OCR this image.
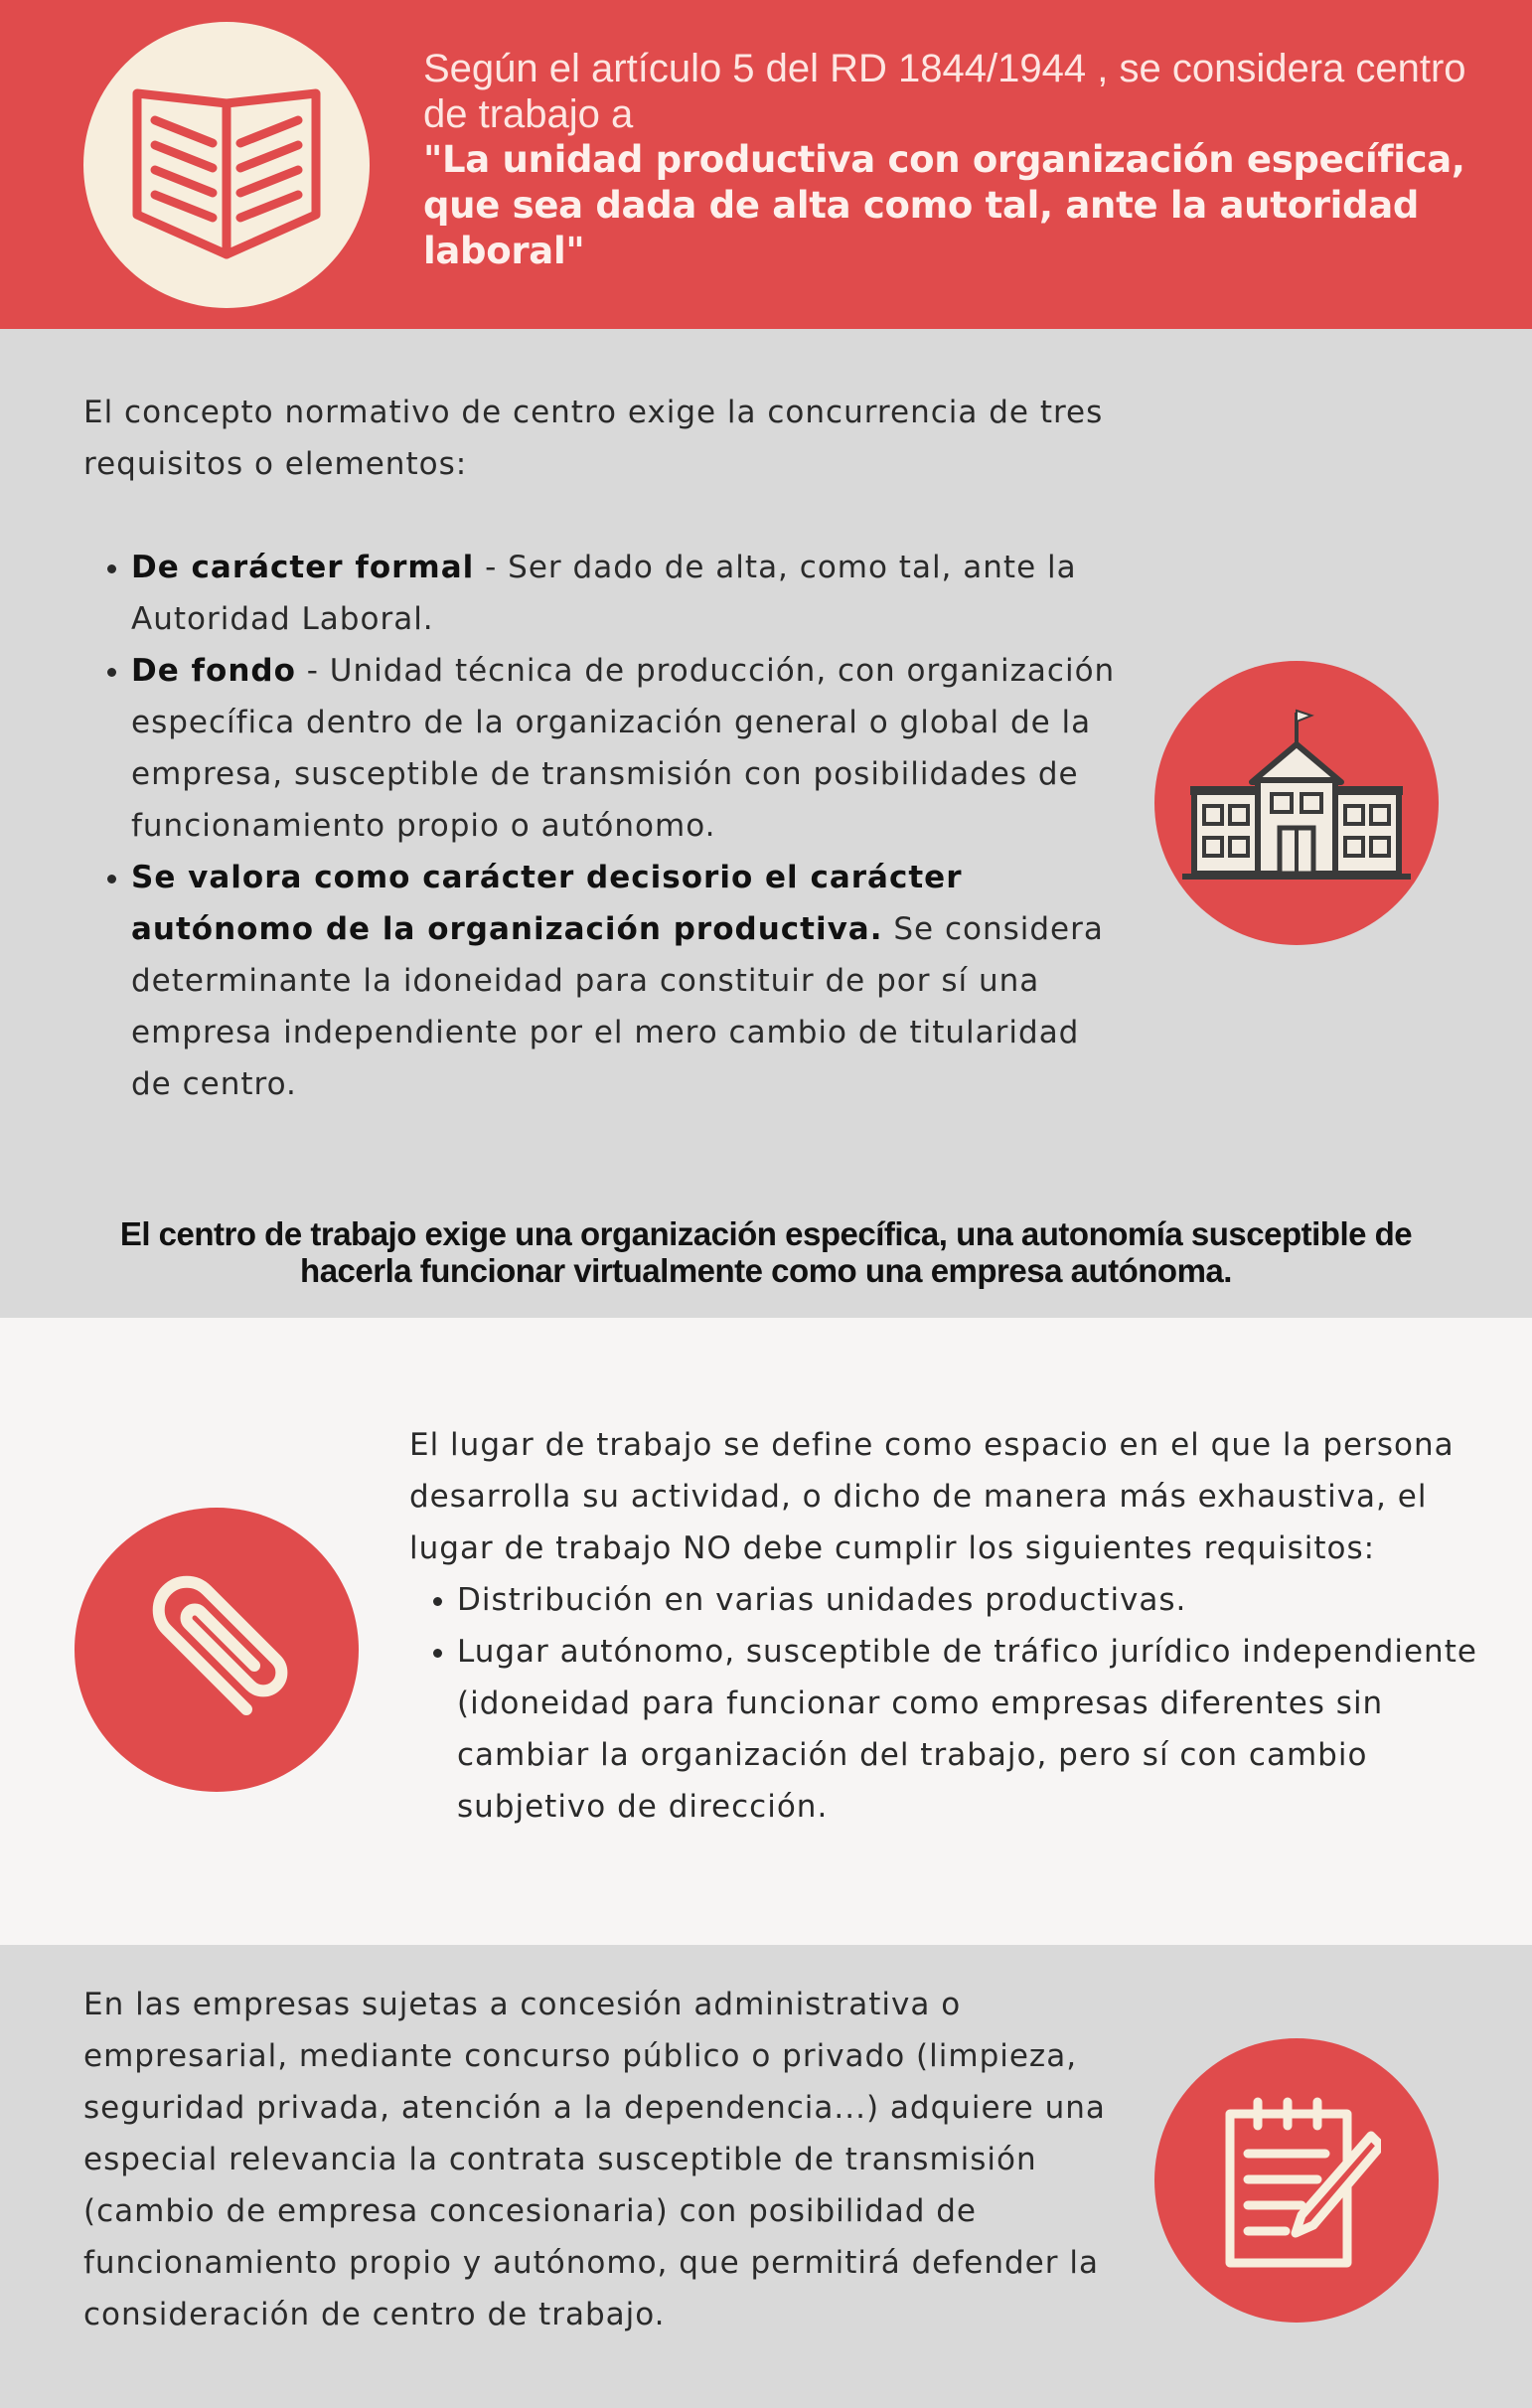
Según el artículo 5 del RD 1844/1944 , se considera centro de trabajo a
"La unidad productiva con organización específica, que sea dada de alta como tal, ante la autoridad laboral"

El concepto normativo de centro exige la concurrencia de tres requisitos o elementos:

• De carácter formal - Ser dado de alta, como tal, ante la Autoridad Laboral.
• De fondo - Unidad técnica de producción, con organización específica dentro de la organización general o global de la empresa, susceptible de transmisión con posibilidades de funcionamiento propio o autónomo.
• Se valora como carácter decisorio el carácter autónomo de la organización productiva. Se considera determinante la idoneidad para constituir de por sí una empresa independiente por el mero cambio de titularidad de centro.
El centro de trabajo exige una organización específica, una autonomía susceptible de hacerla funcionar virtualmente como una empresa autónoma.

El lugar de trabajo se define como espacio en el que la persona desarrolla su actividad, o dicho de manera más exhaustiva, el lugar de trabajo NO debe cumplir los siguientes requisitos:

• Distribución en varias unidades productivas.
• Lugar autónomo, susceptible de tráfico jurídico independiente (idoneidad para funcionar como empresas diferentes sin cambiar la organización del trabajo, pero sí con cambio subjetivo de dirección.

En las empresas sujetas a concesión administrativa o empresarial, mediante concurso público o privado (limpieza, seguridad privada, atención a la dependencia...) adquiere una especial relevancia la contrata susceptible de transmisión (cambio de empresa concesionaria) con posibilidad de funcionamiento propio y autónomo, que permitirá defender la consideración de centro de trabajo.
